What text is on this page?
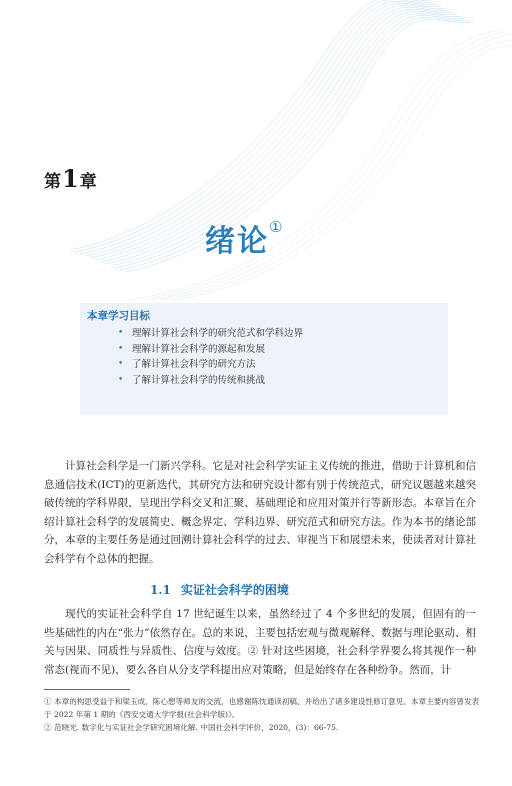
第1章
绪论①
本章学习目标
• 理解计算社会科学的研究范式和学科边界
• 理解计算社会科学的源起和发展
• 了解计算社会科学的研究方法
• 了解计算社会科学的传统和挑战

计算社会科学是一门新兴学科。它是对社会科学实证主义传统的推进，借助于计算机和信息通信技术(ICT)的更新迭代，其研究方法和研究设计都有别于传统范式，研究议题越来越突破传统的学科界限，呈现出学科交叉和汇聚、基础理论和应用对策并行等新形态。本章旨在介绍计算社会科学的发展简史、概念界定、学科边界、研究范式和研究方法。作为本书的绪论部分，本章的主要任务是通过回溯计算社会科学的过去、审视当下和展望未来，使读者对计算社会科学有个总体的把握。

1.1 实证社会科学的困境

现代的实证社会科学自 17 世纪诞生以来，虽然经过了 4 个多世纪的发展，但固有的一些基础性的内在“张力”依然存在。总的来说，主要包括宏观与微观解释、数据与理论驱动、相关与因果、同质性与异质性、信度与效度。② 针对这些困境，社会科学界要么将其视作一种常态(视而不见)，要么各自从分支学科提出应对策略，但是始终存在各种纷争。然而，计

① 本章的构思受益于和梁玉成、陈心想等师友的交流，也感谢陈忱通读初稿，并给出了诸多建设性修订意见。本章主要内容曾发表于 2022 年第 1 期的《西安交通大学学报(社会科学版)》。
② 范晓光. 数字化与实证社会学研究困境化解. 中国社会科学评价，2020，(3)：66-75.
